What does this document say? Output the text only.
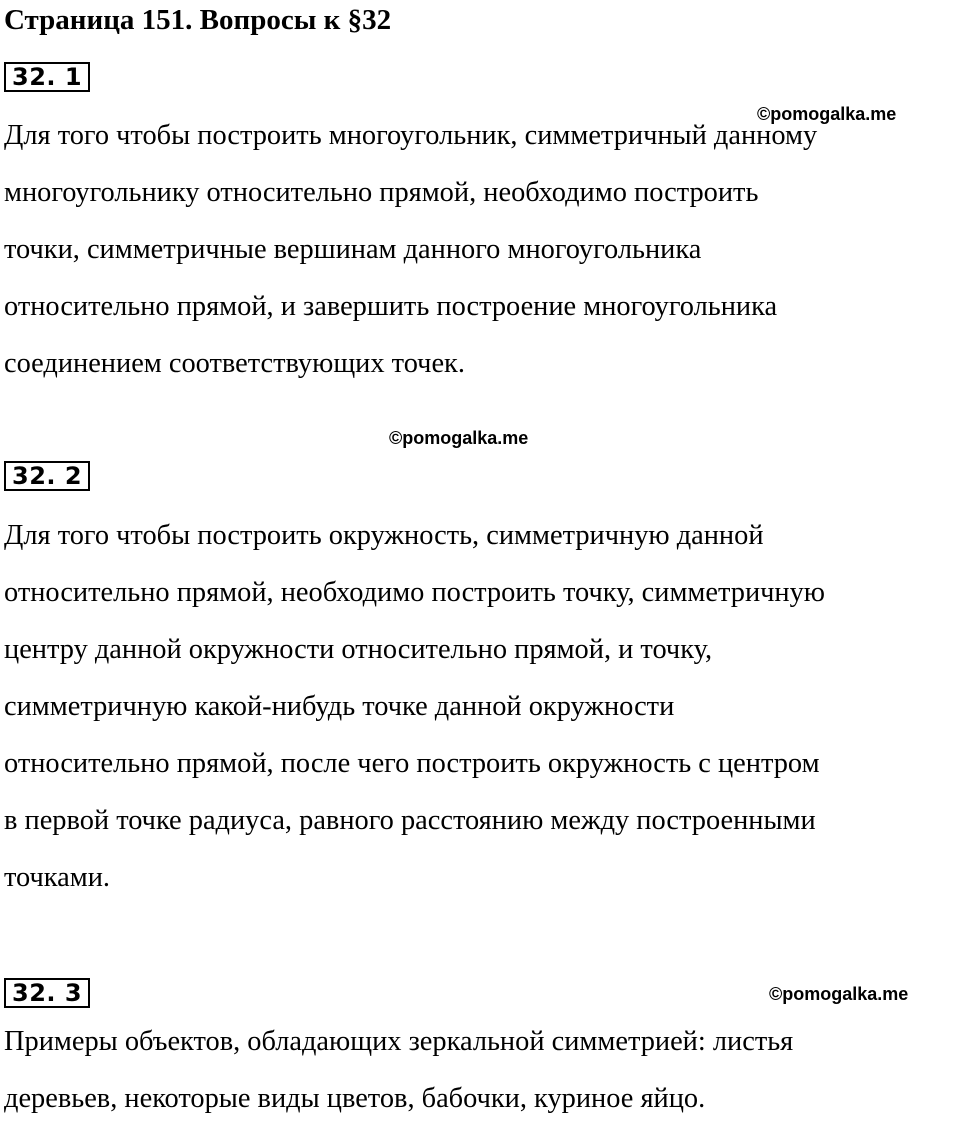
Страница 151. Вопросы к §32
32. 1
©pomogalka.me
Для того чтобы построить многоугольник, симметричный данному
многоугольнику относительно прямой, необходимо построить
точки, симметричные вершинам данного многоугольника
относительно прямой, и завершить построение многоугольника
соединением соответствующих точек.
©pomogalka.me
32. 2
Для того чтобы построить окружность, симметричную данной
относительно прямой, необходимо построить точку, симметричную
центру данной окружности относительно прямой, и точку,
симметричную какой-нибудь точке данной окружности
относительно прямой, после чего построить окружность с центром
в первой точке радиуса, равного расстоянию между построенными
точками.
32. 3	©pomogalka.me
Примеры объектов, обладающих зеркальной симметрией: листья
деревьев, некоторые виды цветов, бабочки, куриное яйцо.
